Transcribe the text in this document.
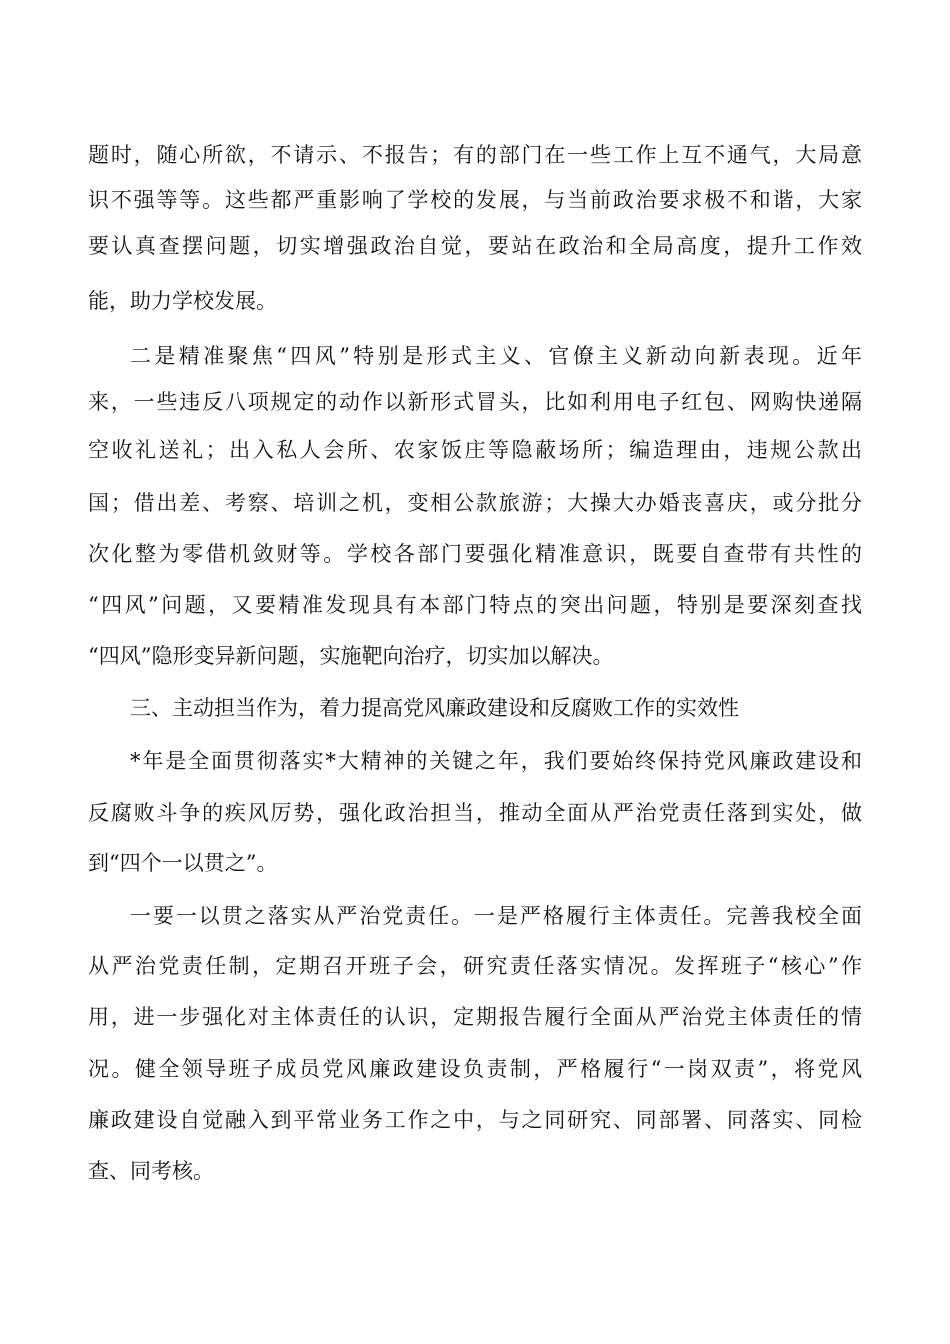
题时，随心所欲，不请示、不报告；有的部门在一些工作上互不通气，大局意
识不强等等。这些都严重影响了学校的发展，与当前政治要求极不和谐，大家
要认真查摆问题，切实增强政治自觉，要站在政治和全局高度，提升工作效
能，助力学校发展。
二是精准聚焦“四风”特别是形式主义、官僚主义新动向新表现。近年
来，一些违反八项规定的动作以新形式冒头，比如利用电子红包、网购快递隔
空收礼送礼；出入私人会所、农家饭庄等隐蔽场所；编造理由，违规公款出
国；借出差、考察、培训之机，变相公款旅游；大操大办婚丧喜庆，或分批分
次化整为零借机敛财等。学校各部门要强化精准意识，既要自查带有共性的
“四风”问题，又要精准发现具有本部门特点的突出问题，特别是要深刻查找
“四风”隐形变异新问题，实施靶向治疗，切实加以解决。
三、主动担当作为，着力提高党风廉政建设和反腐败工作的实效性
*年是全面贯彻落实*大精神的关键之年，我们要始终保持党风廉政建设和
反腐败斗争的疾风厉势，强化政治担当，推动全面从严治党责任落到实处，做
到“四个一以贯之”。
一要一以贯之落实从严治党责任。一是严格履行主体责任。完善我校全面
从严治党责任制，定期召开班子会，研究责任落实情况。发挥班子“核心”作
用，进一步强化对主体责任的认识，定期报告履行全面从严治党主体责任的情
况。健全领导班子成员党风廉政建设负责制，严格履行“一岗双责”，将党风
廉政建设自觉融入到平常业务工作之中，与之同研究、同部署、同落实、同检
查、同考核。
